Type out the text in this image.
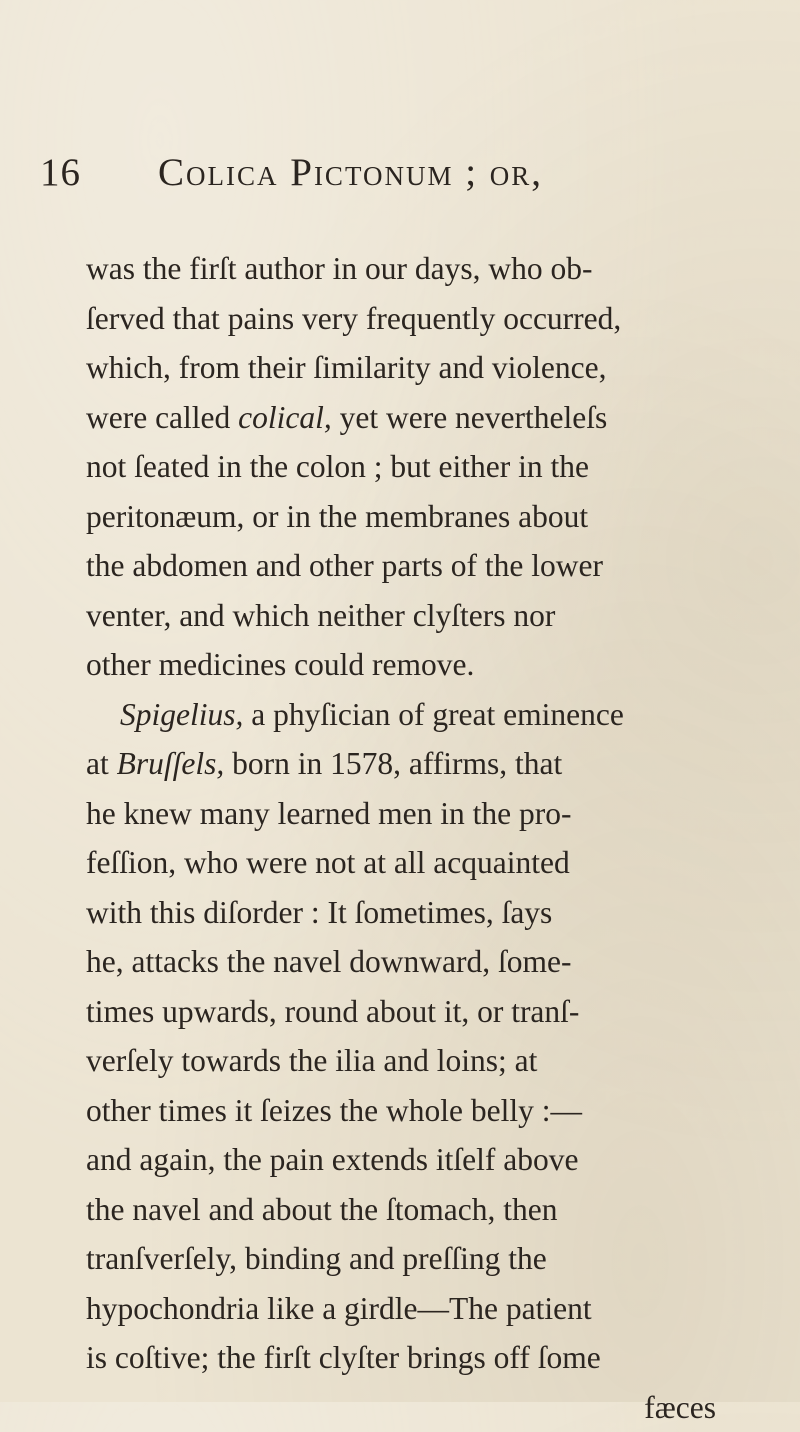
16 Colica Pictonum ; or,
was the firſt author in our days, who ob-
ſerved that pains very frequently occurred,
which, from their ſimilarity and violence,
were called colical, yet were nevertheleſs
not ſeated in the colon ; but either in the
peritonæum, or in the membranes about
the abdomen and other parts of the lower
venter, and which neither clyſters nor
other medicines could remove.
Spigelius, a phyſician of great eminence
at Bruſſels, born in 1578, affirms, that
he knew many learned men in the pro-
feſſion, who were not at all acquainted
with this diſorder : It ſometimes, ſays
he, attacks the navel downward, ſome-
times upwards, round about it, or tranſ-
verſely towards the ilia and loins; at
other times it ſeizes the whole belly :—
and again, the pain extends itſelf above
the navel and about the ſtomach, then
tranſverſely, binding and preſſing the
hypochondria like a girdle—The patient
is coſtive; the firſt clyſter brings off ſome
fæces
